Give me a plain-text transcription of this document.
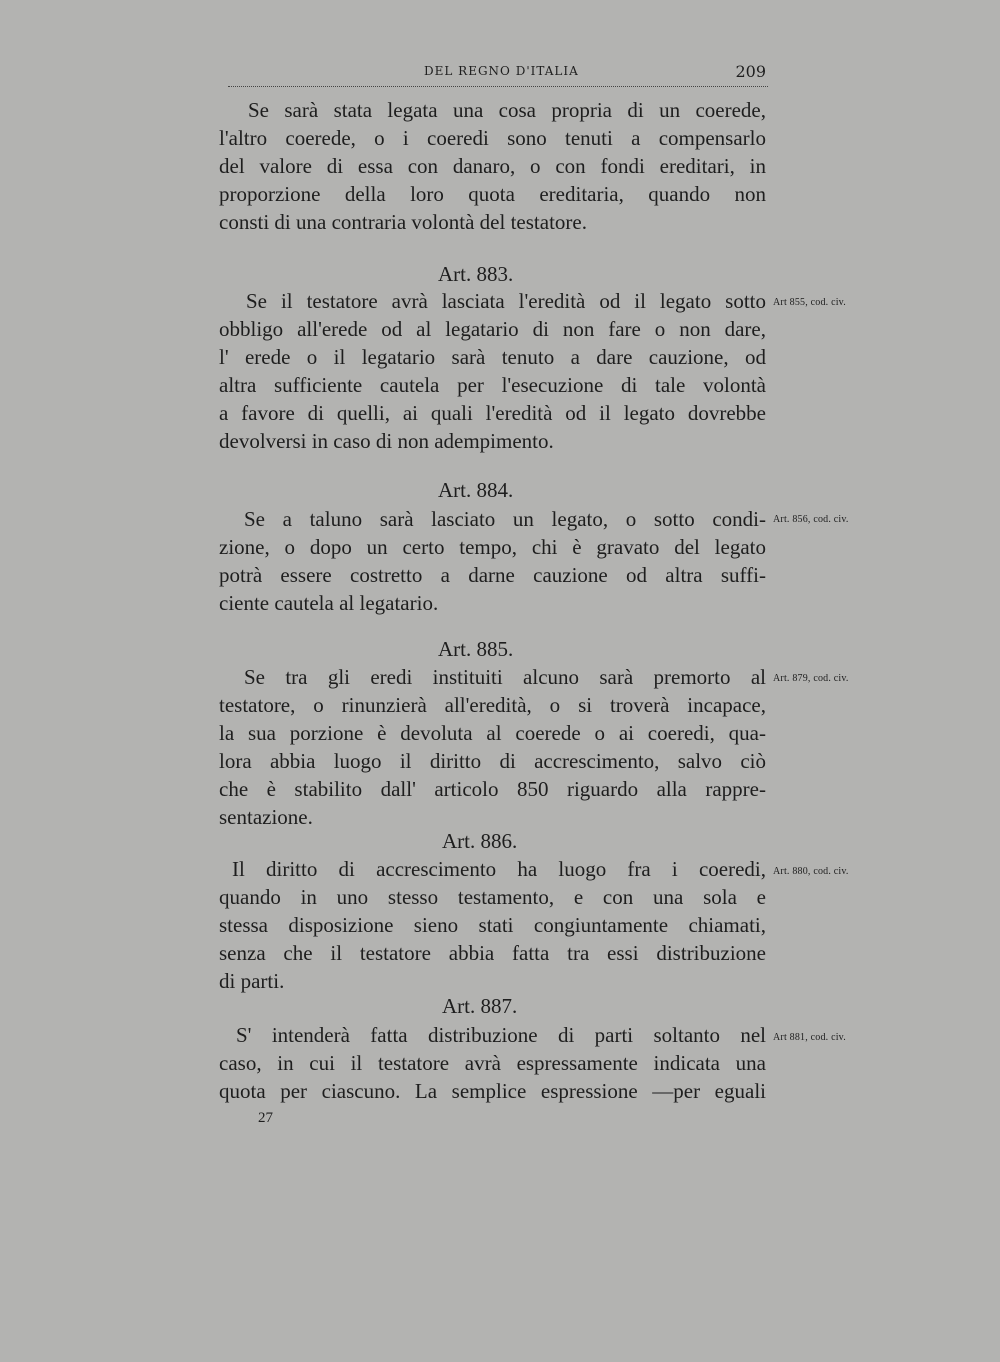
DEL REGNO D'ITALIA	209
Se sarà stata legata una cosa propria di un coerede,
l'altro coerede, o i coeredi sono tenuti a compensarlo
del valore di essa con danaro, o con fondi ereditari, in
proporzione della loro quota ereditaria, quando non
consti di una contraria volontà del testatore.
Art. 883.
Art 855, cod. civ.
Se il testatore avrà lasciata l'eredità od il legato sotto
obbligo all'erede od al legatario di non fare o non dare,
l' erede o il legatario sarà tenuto a dare cauzione, od
altra sufficiente cautela per l'esecuzione di tale volontà
a favore di quelli, ai quali l'eredità od il legato dovrebbe
devolversi in caso di non adempimento.
Art. 884.
Art. 856, cod. civ.
Se a taluno sarà lasciato un legato, o sotto condi-
zione, o dopo un certo tempo, chi è gravato del legato
potrà essere costretto a darne cauzione od altra suffi-
ciente cautela al legatario.
Art. 885.
Art. 879, cod. civ.
Se tra gli eredi instituiti alcuno sarà premorto al
testatore, o rinunzierà all'eredità, o si troverà incapace,
la sua porzione è devoluta al coerede o ai coeredi, qua-
lora abbia luogo il diritto di accrescimento, salvo ciò
che è stabilito dall' articolo 850 riguardo alla rappre-
sentazione.
Art. 886.
Art. 880, cod. civ.
Il diritto di accrescimento ha luogo fra i coeredi,
quando in uno stesso testamento, e con una sola e
stessa disposizione sieno stati congiuntamente chiamati,
senza che il testatore abbia fatta tra essi distribuzione
di parti.
Art. 887.
Art 881, cod. civ.
S' intenderà fatta distribuzione di parti soltanto nel
caso, in cui il testatore avrà espressamente indicata una
quota per ciascuno. La semplice espressione —per eguali
27
